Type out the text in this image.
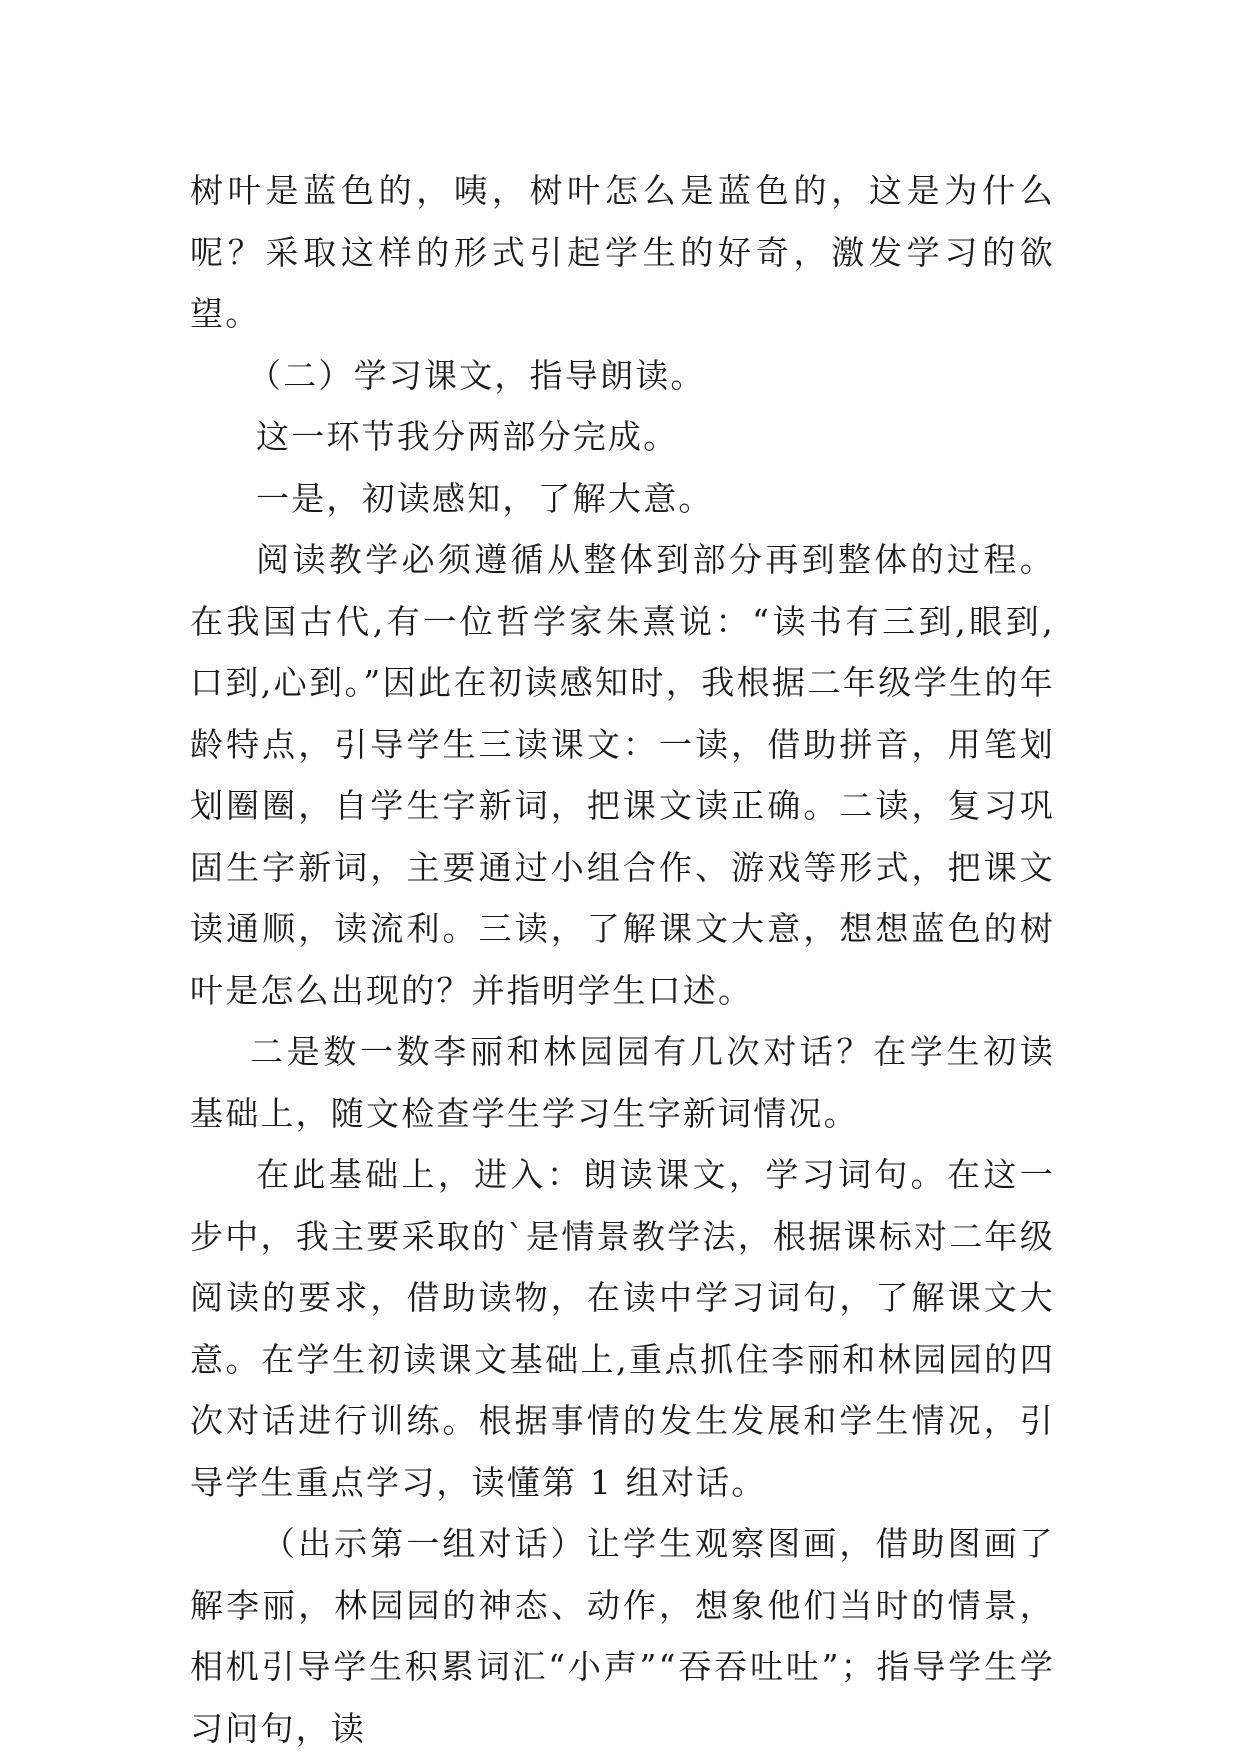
树叶是蓝色的，咦，树叶怎么是蓝色的，这是为什么呢？采取这样的形式引起学生的好奇，激发学习的欲望。

（二）学习课文，指导朗读。

这一环节我分两部分完成。

一是，初读感知，了解大意。

阅读教学必须遵循从整体到部分再到整体的过程。在我国古代,有一位哲学家朱熹说：“读书有三到,眼到,口到,心到。”因此在初读感知时，我根据二年级学生的年龄特点，引导学生三读课文：一读，借助拼音，用笔划划圈圈，自学生字新词，把课文读正确。二读，复习巩固生字新词，主要通过小组合作、游戏等形式，把课文读通顺，读流利。三读，了解课文大意，想想蓝色的树叶是怎么出现的？并指明学生口述。

二是数一数李丽和林园园有几次对话？在学生初读基础上，随文检查学生学习生字新词情况。

在此基础上，进入：朗读课文，学习词句。在这一步中，我主要采取的`是情景教学法，根据课标对二年级阅读的要求，借助读物，在读中学习词句，了解课文大意。在学生初读课文基础上,重点抓住李丽和林园园的四次对话进行训练。根据事情的发生发展和学生情况，引导学生重点学习，读懂第 1 组对话。

（出示第一组对话）让学生观察图画，借助图画了解李丽，林园园的神态、动作，想象他们当时的情景，相机引导学生积累词汇“小声”“吞吞吐吐”；指导学生学习问句，读
